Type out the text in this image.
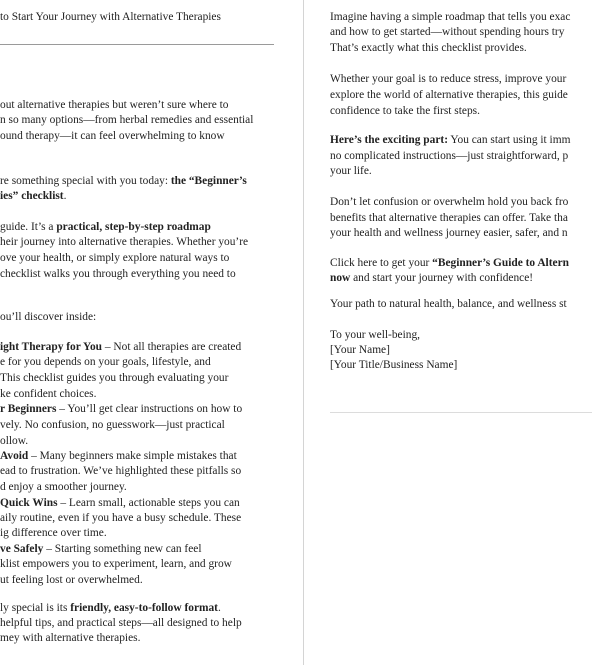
to Start Your Journey with Alternative Therapies
out alternative therapies but weren’t sure where to
n so many options—from herbal remedies and essential
ound therapy—it can feel overwhelming to know
re something special with you today: the “Beginner’s
ies” checklist.
guide. It’s a practical, step-by-step roadmap
heir journey into alternative therapies. Whether you’re
ove your health, or simply explore natural ways to
checklist walks you through everything you need to
ou’ll discover inside:
ight Therapy for You – Not all therapies are created
e for you depends on your goals, lifestyle, and
This checklist guides you through evaluating your
ke confident choices.
r Beginners – You’ll get clear instructions on how to
vely. No confusion, no guesswork—just practical
ollow.
Avoid – Many beginners make simple mistakes that
ead to frustration. We’ve highlighted these pitfalls so
d enjoy a smoother journey.
Quick Wins – Learn small, actionable steps you can
aily routine, even if you have a busy schedule. These
ig difference over time.
ve Safely – Starting something new can feel
klist empowers you to experiment, learn, and grow
ut feeling lost or overwhelmed.
ly special is its friendly, easy-to-follow format.
helpful tips, and practical steps—all designed to help
mey with alternative therapies.
Imagine having a simple roadmap that tells you exac
and how to get started—without spending hours try
That’s exactly what this checklist provides.
Whether your goal is to reduce stress, improve your
explore the world of alternative therapies, this guide
confidence to take the first steps.
Here’s the exciting part: You can start using it imm
no complicated instructions—just straightforward, p
your life.
Don’t let confusion or overwhelm hold you back fro
benefits that alternative therapies can offer. Take tha
your health and wellness journey easier, safer, and n
Click here to get your “Beginner’s Guide to Altern
now and start your journey with confidence!
Your path to natural health, balance, and wellness st
To your well-being,
[Your Name]
[Your Title/Business Name]
